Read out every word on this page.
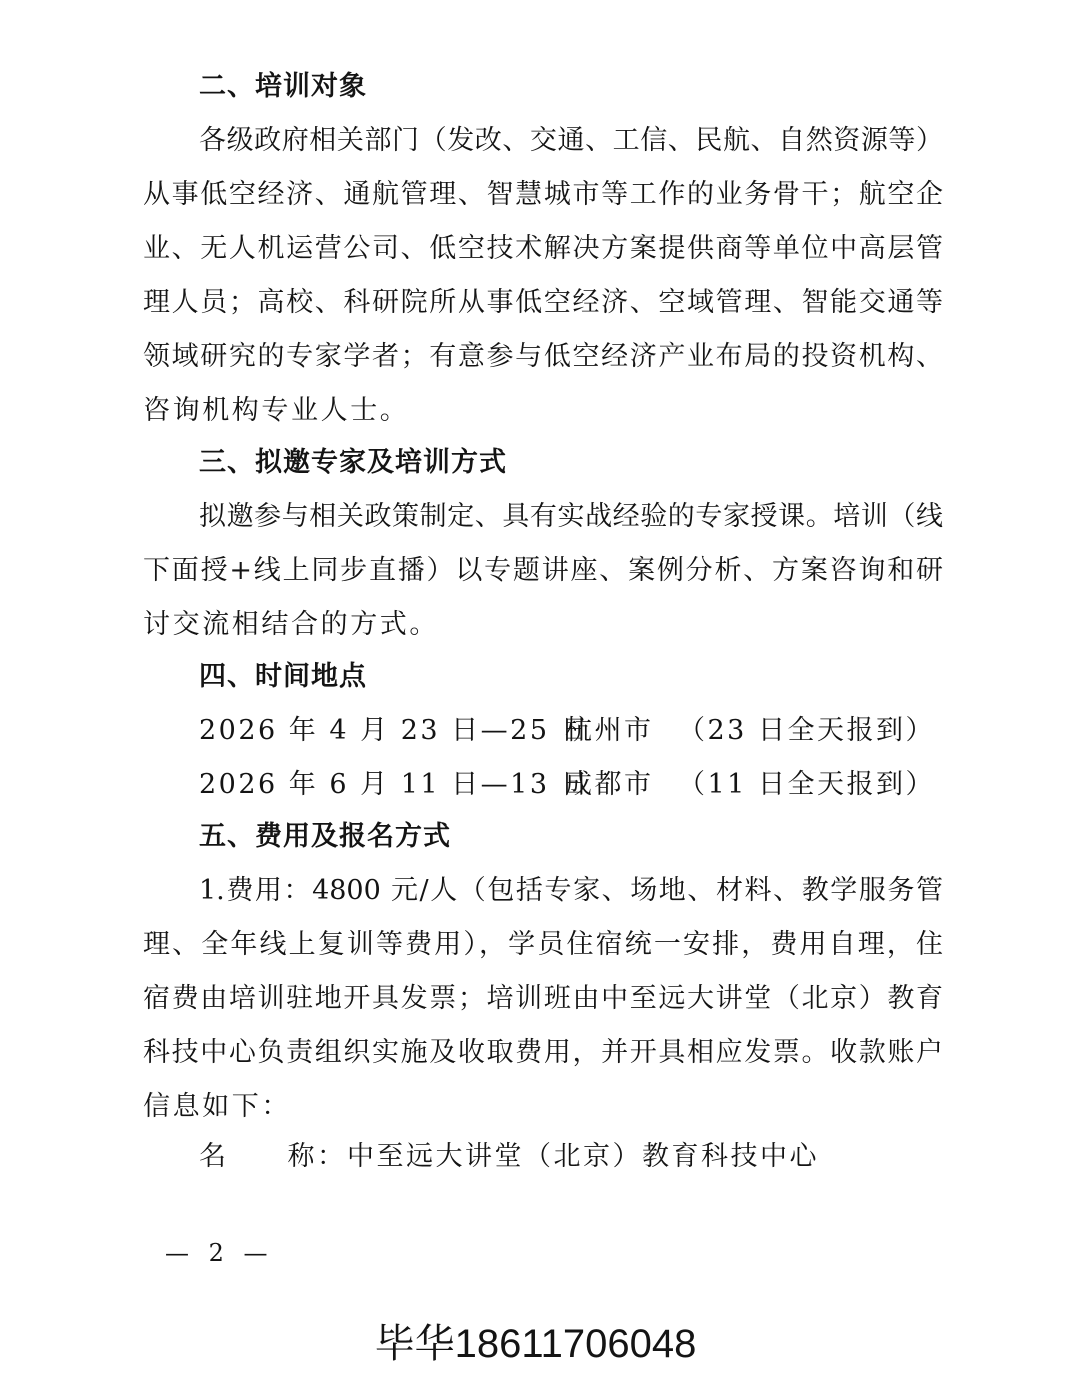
二、培训对象
各级政府相关部门（发改、交通、工信、民航、自然资源等）
从事低空经济、通航管理、智慧城市等工作的业务骨干；航空企
业、无人机运营公司、低空技术解决方案提供商等单位中高层管
理人员；高校、科研院所从事低空经济、空域管理、智能交通等
领域研究的专家学者；有意参与低空经济产业布局的投资机构、
咨询机构专业人士。
三、拟邀专家及培训方式
拟邀参与相关政策制定、具有实战经验的专家授课。培训（线
下面授+线上同步直播）以专题讲座、案例分析、方案咨询和研
讨交流相结合的方式。
四、时间地点
2026 年 4 月 23 日—25 日
杭州市 （23 日全天报到）
2026 年 6 月 11 日—13 日
成都市 （11 日全天报到）
五、费用及报名方式
1.费用：4800 元/人（包括专家、场地、材料、教学服务管
理、全年线上复训等费用），学员住宿统一安排，费用自理，住
宿费由培训驻地开具发票；培训班由中至远大讲堂（北京）教育
科技中心负责组织实施及收取费用，并开具相应发票。收款账户
信息如下：
名　　称： 中至远大讲堂（北京）教育科技中心
— 2 —
毕华18611706048
